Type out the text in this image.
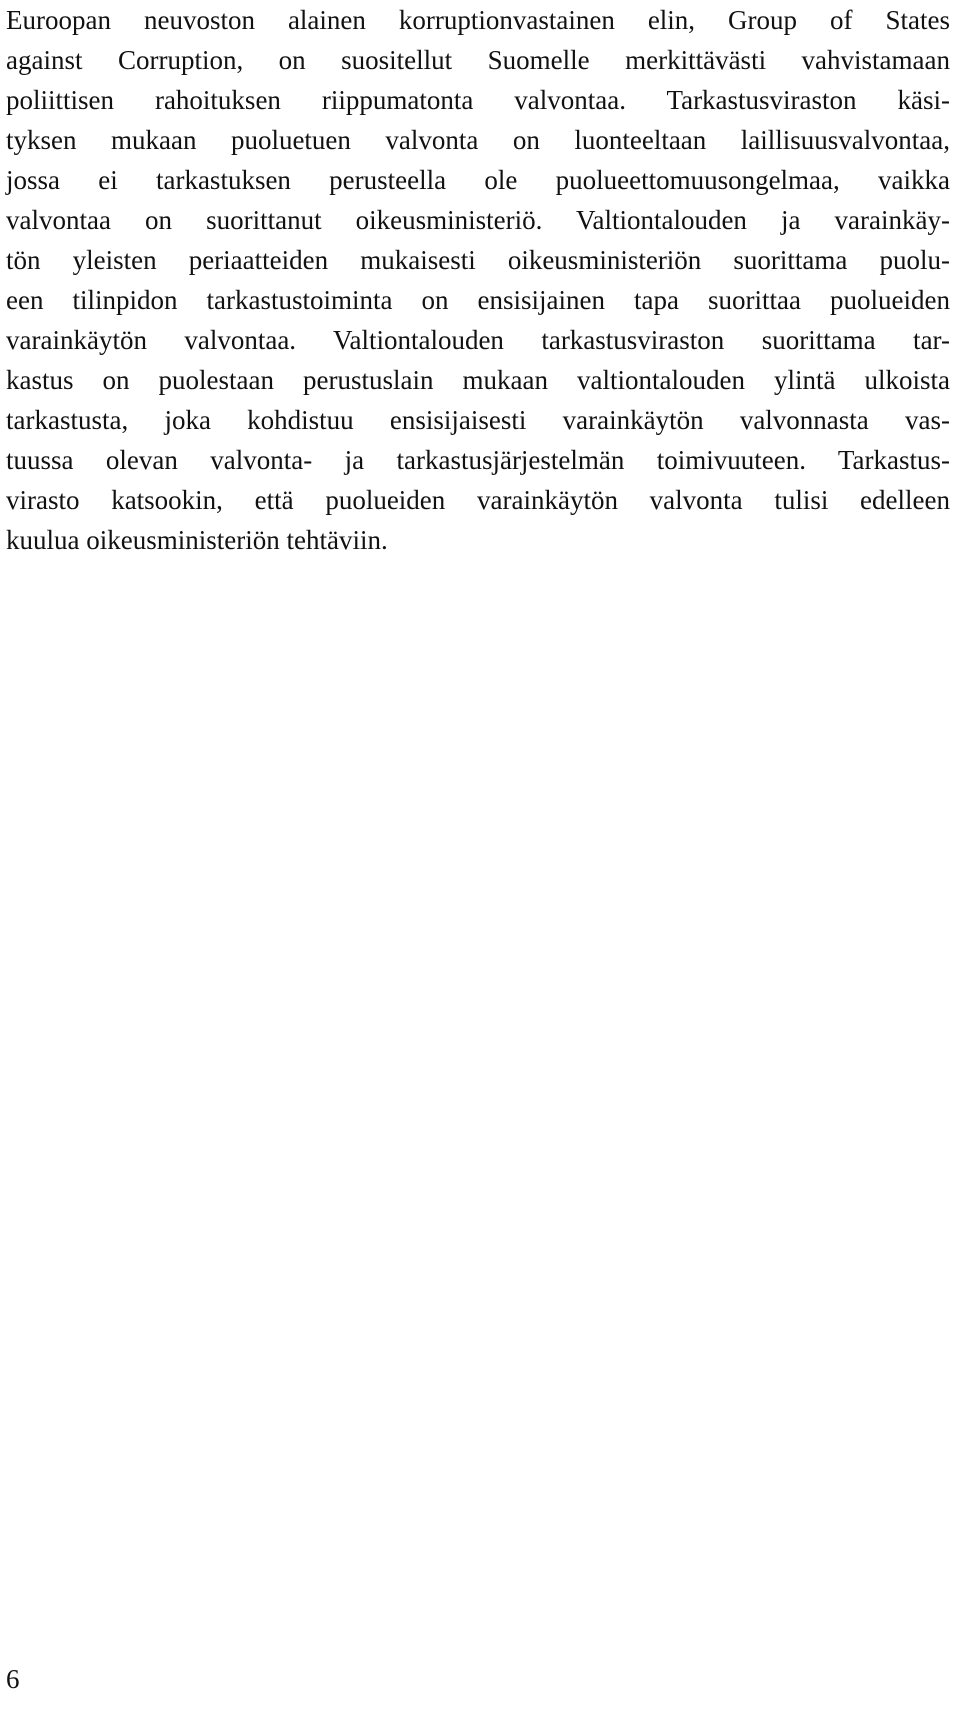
Euroopan neuvoston alainen korruptionvastainen elin, Group of States
against Corruption, on suositellut Suomelle merkittävästi vahvistamaan
poliittisen rahoituksen riippumatonta valvontaa. Tarkastusviraston käsi-
tyksen mukaan puoluetuen valvonta on luonteeltaan laillisuusvalvontaa,
jossa ei tarkastuksen perusteella ole puolueettomuusongelmaa, vaikka
valvontaa on suorittanut oikeusministeriö. Valtiontalouden ja varainkäy-
tön yleisten periaatteiden mukaisesti oikeusministeriön suorittama puolu-
een tilinpidon tarkastustoiminta on ensisijainen tapa suorittaa puolueiden
varainkäytön valvontaa. Valtiontalouden tarkastusviraston suorittama tar-
kastus on puolestaan perustuslain mukaan valtiontalouden ylintä ulkoista
tarkastusta, joka kohdistuu ensisijaisesti varainkäytön valvonnasta vas-
tuussa olevan valvonta- ja tarkastusjärjestelmän toimivuuteen. Tarkastus-
virasto katsookin, että puolueiden varainkäytön valvonta tulisi edelleen
kuulua oikeusministeriön tehtäviin.
6
